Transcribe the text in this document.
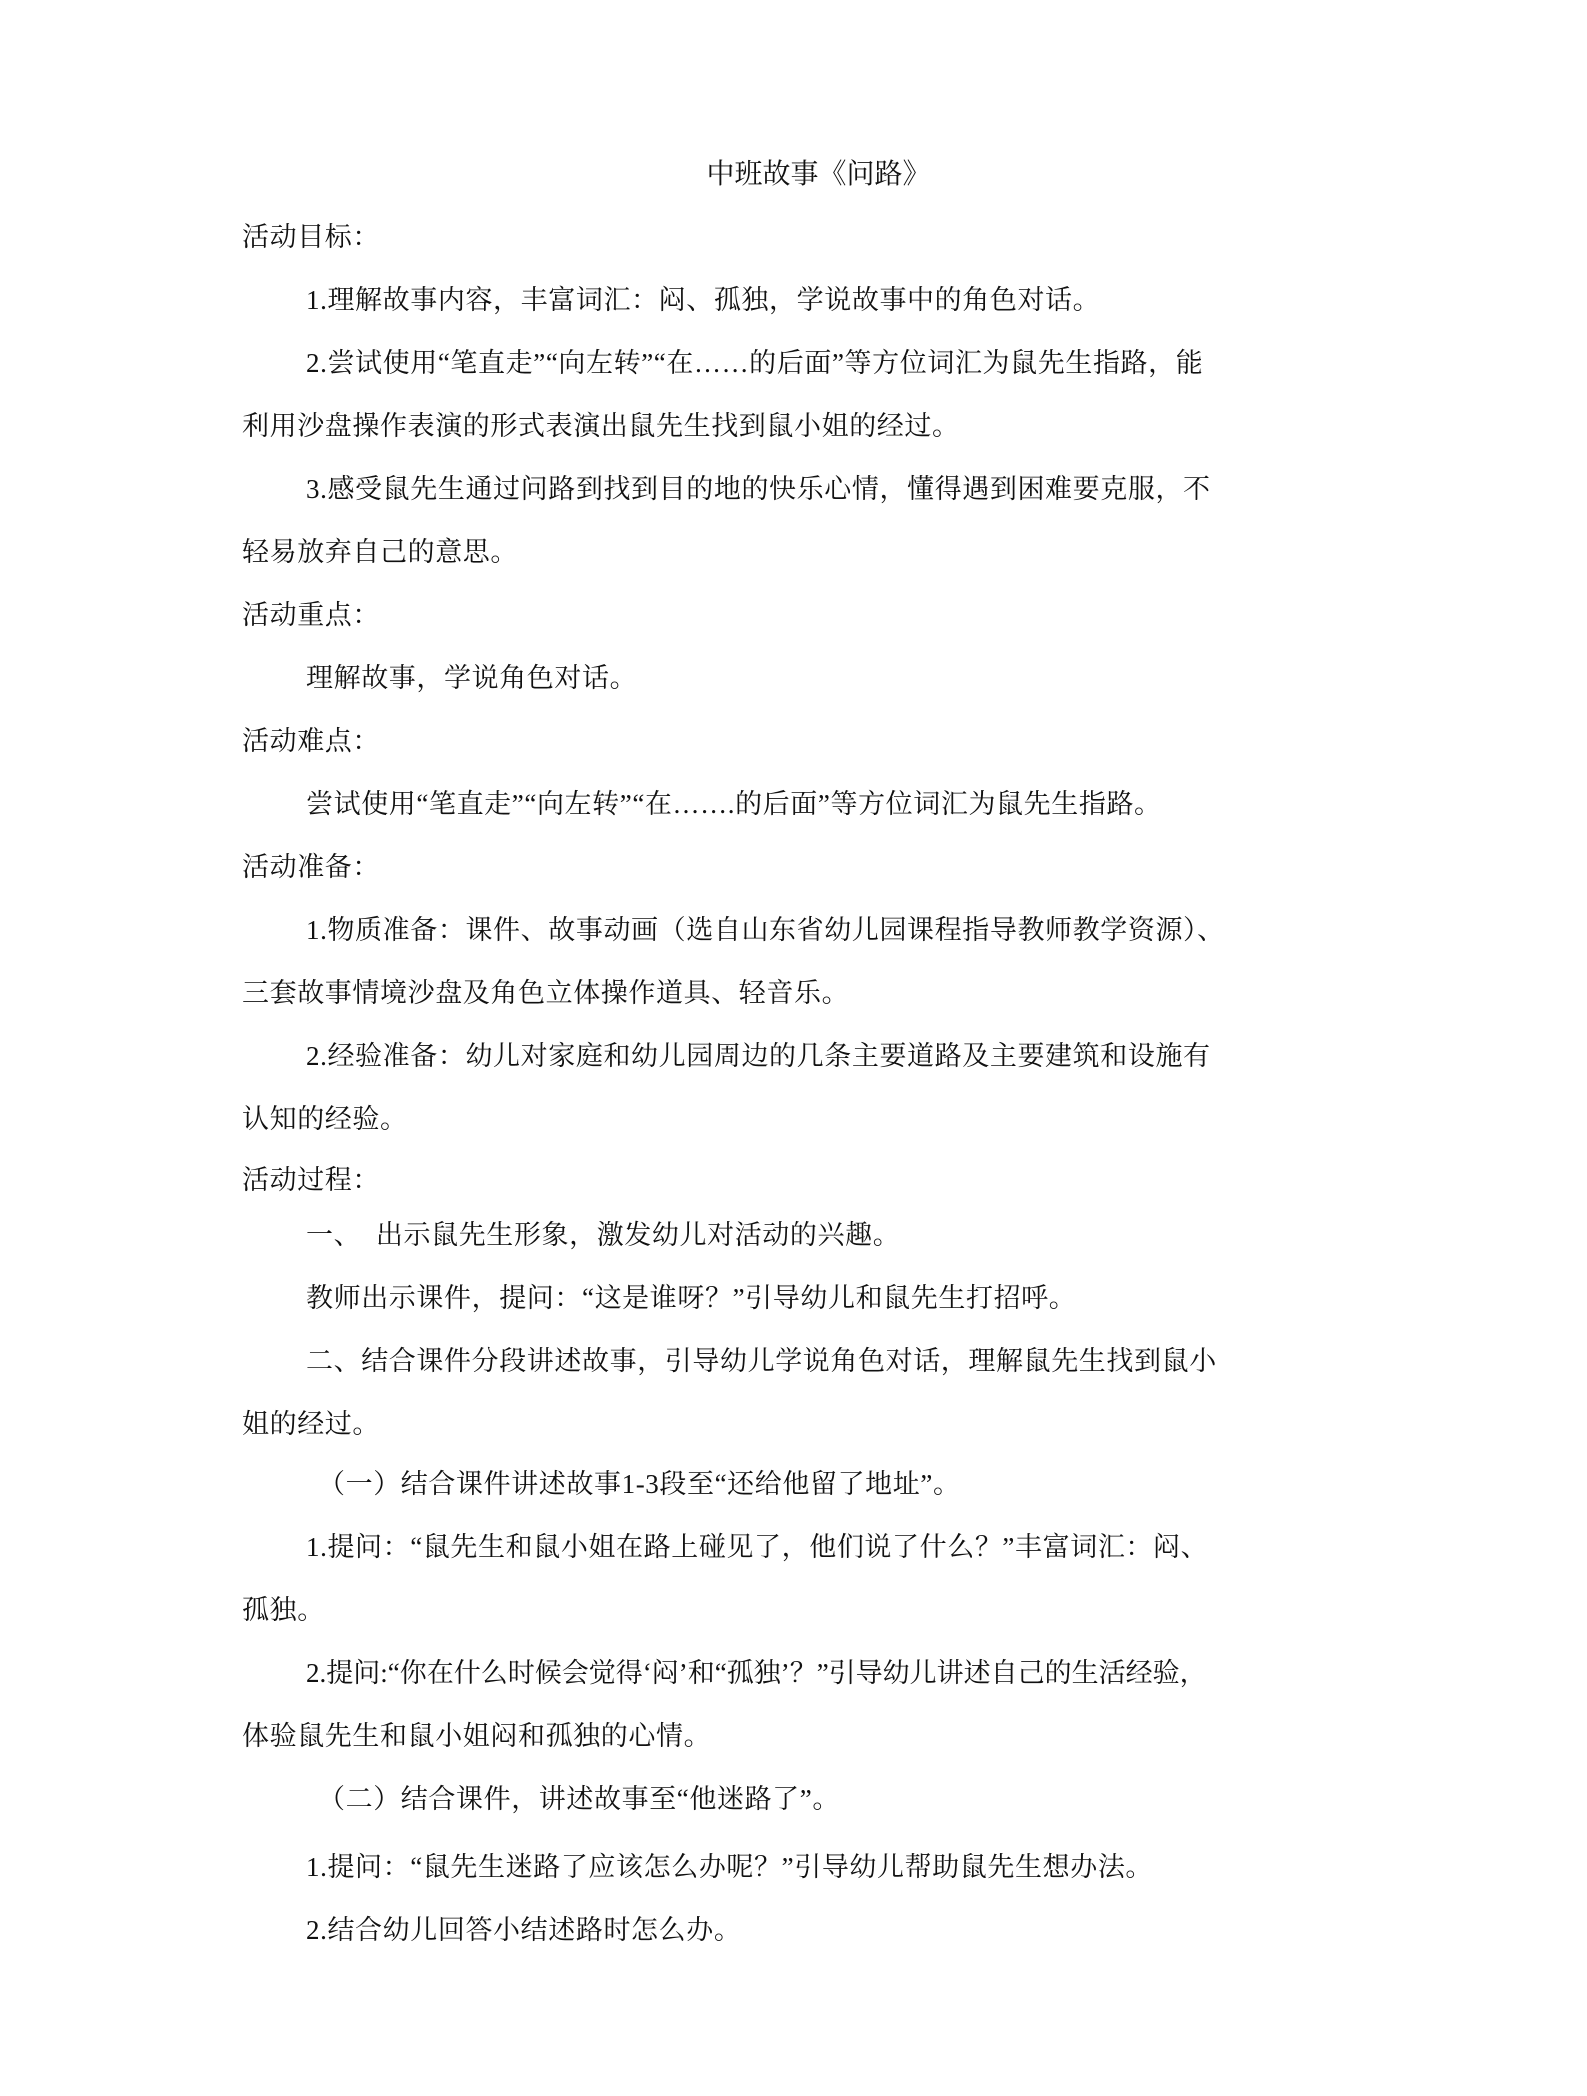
中班故事《问路》
活动目标：
1.理解故事内容，丰富词汇：闷、孤独，学说故事中的角色对话。
2.尝试使用“笔直走”“向左转”“在……的后面”等方位词汇为鼠先生指路，能
利用沙盘操作表演的形式表演出鼠先生找到鼠小姐的经过。
3.感受鼠先生通过问路到找到目的地的快乐心情，懂得遇到困难要克服，不
轻易放弃自己的意思。
活动重点：
理解故事，学说角色对话。
活动难点：
尝试使用“笔直走”“向左转”“在…….的后面”等方位词汇为鼠先生指路。
活动准备：
1.物质准备：课件、故事动画（选自山东省幼儿园课程指导教师教学资源）、
三套故事情境沙盘及角色立体操作道具、轻音乐。
2.经验准备：幼儿对家庭和幼儿园周边的几条主要道路及主要建筑和设施有
认知的经验。
活动过程：
一、  出示鼠先生形象，激发幼儿对活动的兴趣。
教师出示课件，提问：“这是谁呀？”引导幼儿和鼠先生打招呼。
二、结合课件分段讲述故事，引导幼儿学说角色对话，理解鼠先生找到鼠小
姐的经过。
（一）结合课件讲述故事1-3段至“还给他留了地址”。
1.提问：“鼠先生和鼠小姐在路上碰见了，他们说了什么？”丰富词汇：闷、
孤独。
2.提问:“你在什么时候会觉得‘闷’和“孤独’？”引导幼儿讲述自己的生活经验，
体验鼠先生和鼠小姐闷和孤独的心情。
（二）结合课件，讲述故事至“他迷路了”。
1.提问：“鼠先生迷路了应该怎么办呢？”引导幼儿帮助鼠先生想办法。
2.结合幼儿回答小结述路时怎么办。
